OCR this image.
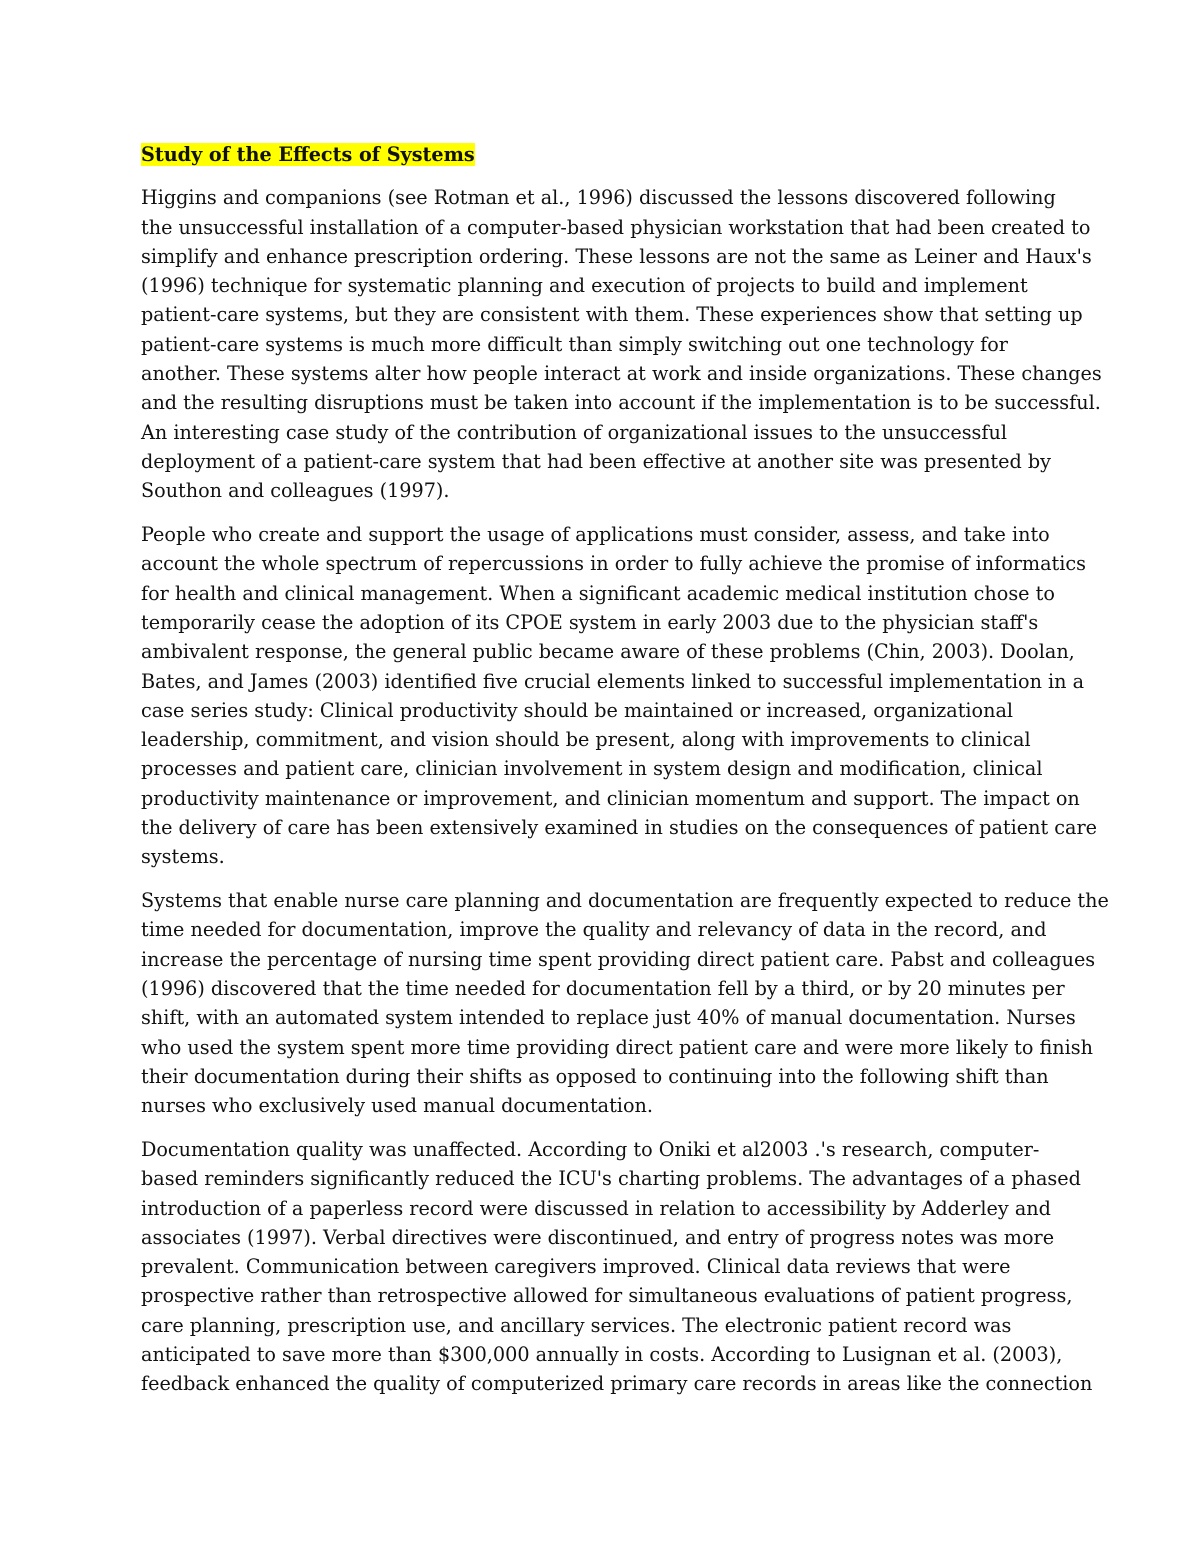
Study of the Effects of Systems
Higgins and companions (see Rotman et al., 1996) discussed the lessons discovered following
the unsuccessful installation of a computer-based physician workstation that had been created to
simplify and enhance prescription ordering. These lessons are not the same as Leiner and Haux's
(1996) technique for systematic planning and execution of projects to build and implement
patient-care systems, but they are consistent with them. These experiences show that setting up
patient-care systems is much more difficult than simply switching out one technology for
another. These systems alter how people interact at work and inside organizations. These changes
and the resulting disruptions must be taken into account if the implementation is to be successful.
An interesting case study of the contribution of organizational issues to the unsuccessful
deployment of a patient-care system that had been effective at another site was presented by
Southon and colleagues (1997).
People who create and support the usage of applications must consider, assess, and take into
account the whole spectrum of repercussions in order to fully achieve the promise of informatics
for health and clinical management. When a significant academic medical institution chose to
temporarily cease the adoption of its CPOE system in early 2003 due to the physician staff's
ambivalent response, the general public became aware of these problems (Chin, 2003). Doolan,
Bates, and James (2003) identified five crucial elements linked to successful implementation in a
case series study: Clinical productivity should be maintained or increased, organizational
leadership, commitment, and vision should be present, along with improvements to clinical
processes and patient care, clinician involvement in system design and modification, clinical
productivity maintenance or improvement, and clinician momentum and support. The impact on
the delivery of care has been extensively examined in studies on the consequences of patient care
systems.
Systems that enable nurse care planning and documentation are frequently expected to reduce the
time needed for documentation, improve the quality and relevancy of data in the record, and
increase the percentage of nursing time spent providing direct patient care. Pabst and colleagues
(1996) discovered that the time needed for documentation fell by a third, or by 20 minutes per
shift, with an automated system intended to replace just 40% of manual documentation. Nurses
who used the system spent more time providing direct patient care and were more likely to finish
their documentation during their shifts as opposed to continuing into the following shift than
nurses who exclusively used manual documentation.
Documentation quality was unaffected. According to Oniki et al2003 .'s research, computer-
based reminders significantly reduced the ICU's charting problems. The advantages of a phased
introduction of a paperless record were discussed in relation to accessibility by Adderley and
associates (1997). Verbal directives were discontinued, and entry of progress notes was more
prevalent. Communication between caregivers improved. Clinical data reviews that were
prospective rather than retrospective allowed for simultaneous evaluations of patient progress,
care planning, prescription use, and ancillary services. The electronic patient record was
anticipated to save more than $300,000 annually in costs. According to Lusignan et al. (2003),
feedback enhanced the quality of computerized primary care records in areas like the connection
